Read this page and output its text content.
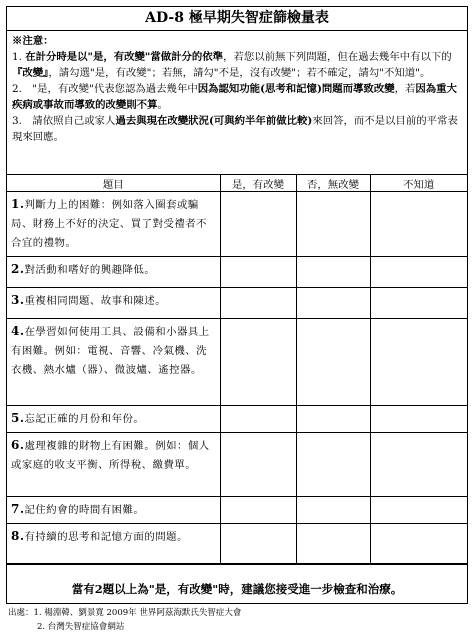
AD-8 極早期失智症篩檢量表
※注意：
1. 在計分時是以"是，有改變"當做計分的依準，若您以前無下列問題，但在過去幾年中有以下的『改變』，請勾選"是，有改變"；若無，請勾"不是，沒有改變"；若不確定，請勾"不知道"。
2.　"是，有改變"代表您認為過去幾年中因為認知功能(思考和記憶)問題而導致改變，若因為重大疾病或事故而導致的改變則不算。
3.　請依照自己或家人過去與現在改變狀況(可與約半年前做比較)來回答，而不是以目前的平常表現來回應。
題目	是，有改變	否，無改變	不知道
1.判斷力上的困難：例如落入圈套或騙局、財務上不好的決定、買了對受禮者不合宜的禮物。			
2.對活動和嗜好的興趣降低。			
3.重複相同問題、故事和陳述。			
4.在學習如何使用工具、設備和小器具上有困難。例如：電視、音響、冷氣機、洗衣機、熱水爐（器）、微波爐、遙控器。			
5.忘記正確的月份和年份。			
6.處理複雜的財物上有困難。例如：個人或家庭的收支平衡、所得稅、繳費單。			
7.記住約會的時間有困難。			
8.有持續的思考和記憶方面的問題。			
當有2題以上為"是，有改變"時，建議您接受進一步檢查和治療。
出處：1. 楊淵韓、劉景寬 2009年 世界阿茲海默氏失智症大會
2. 台灣失智症協會網站
